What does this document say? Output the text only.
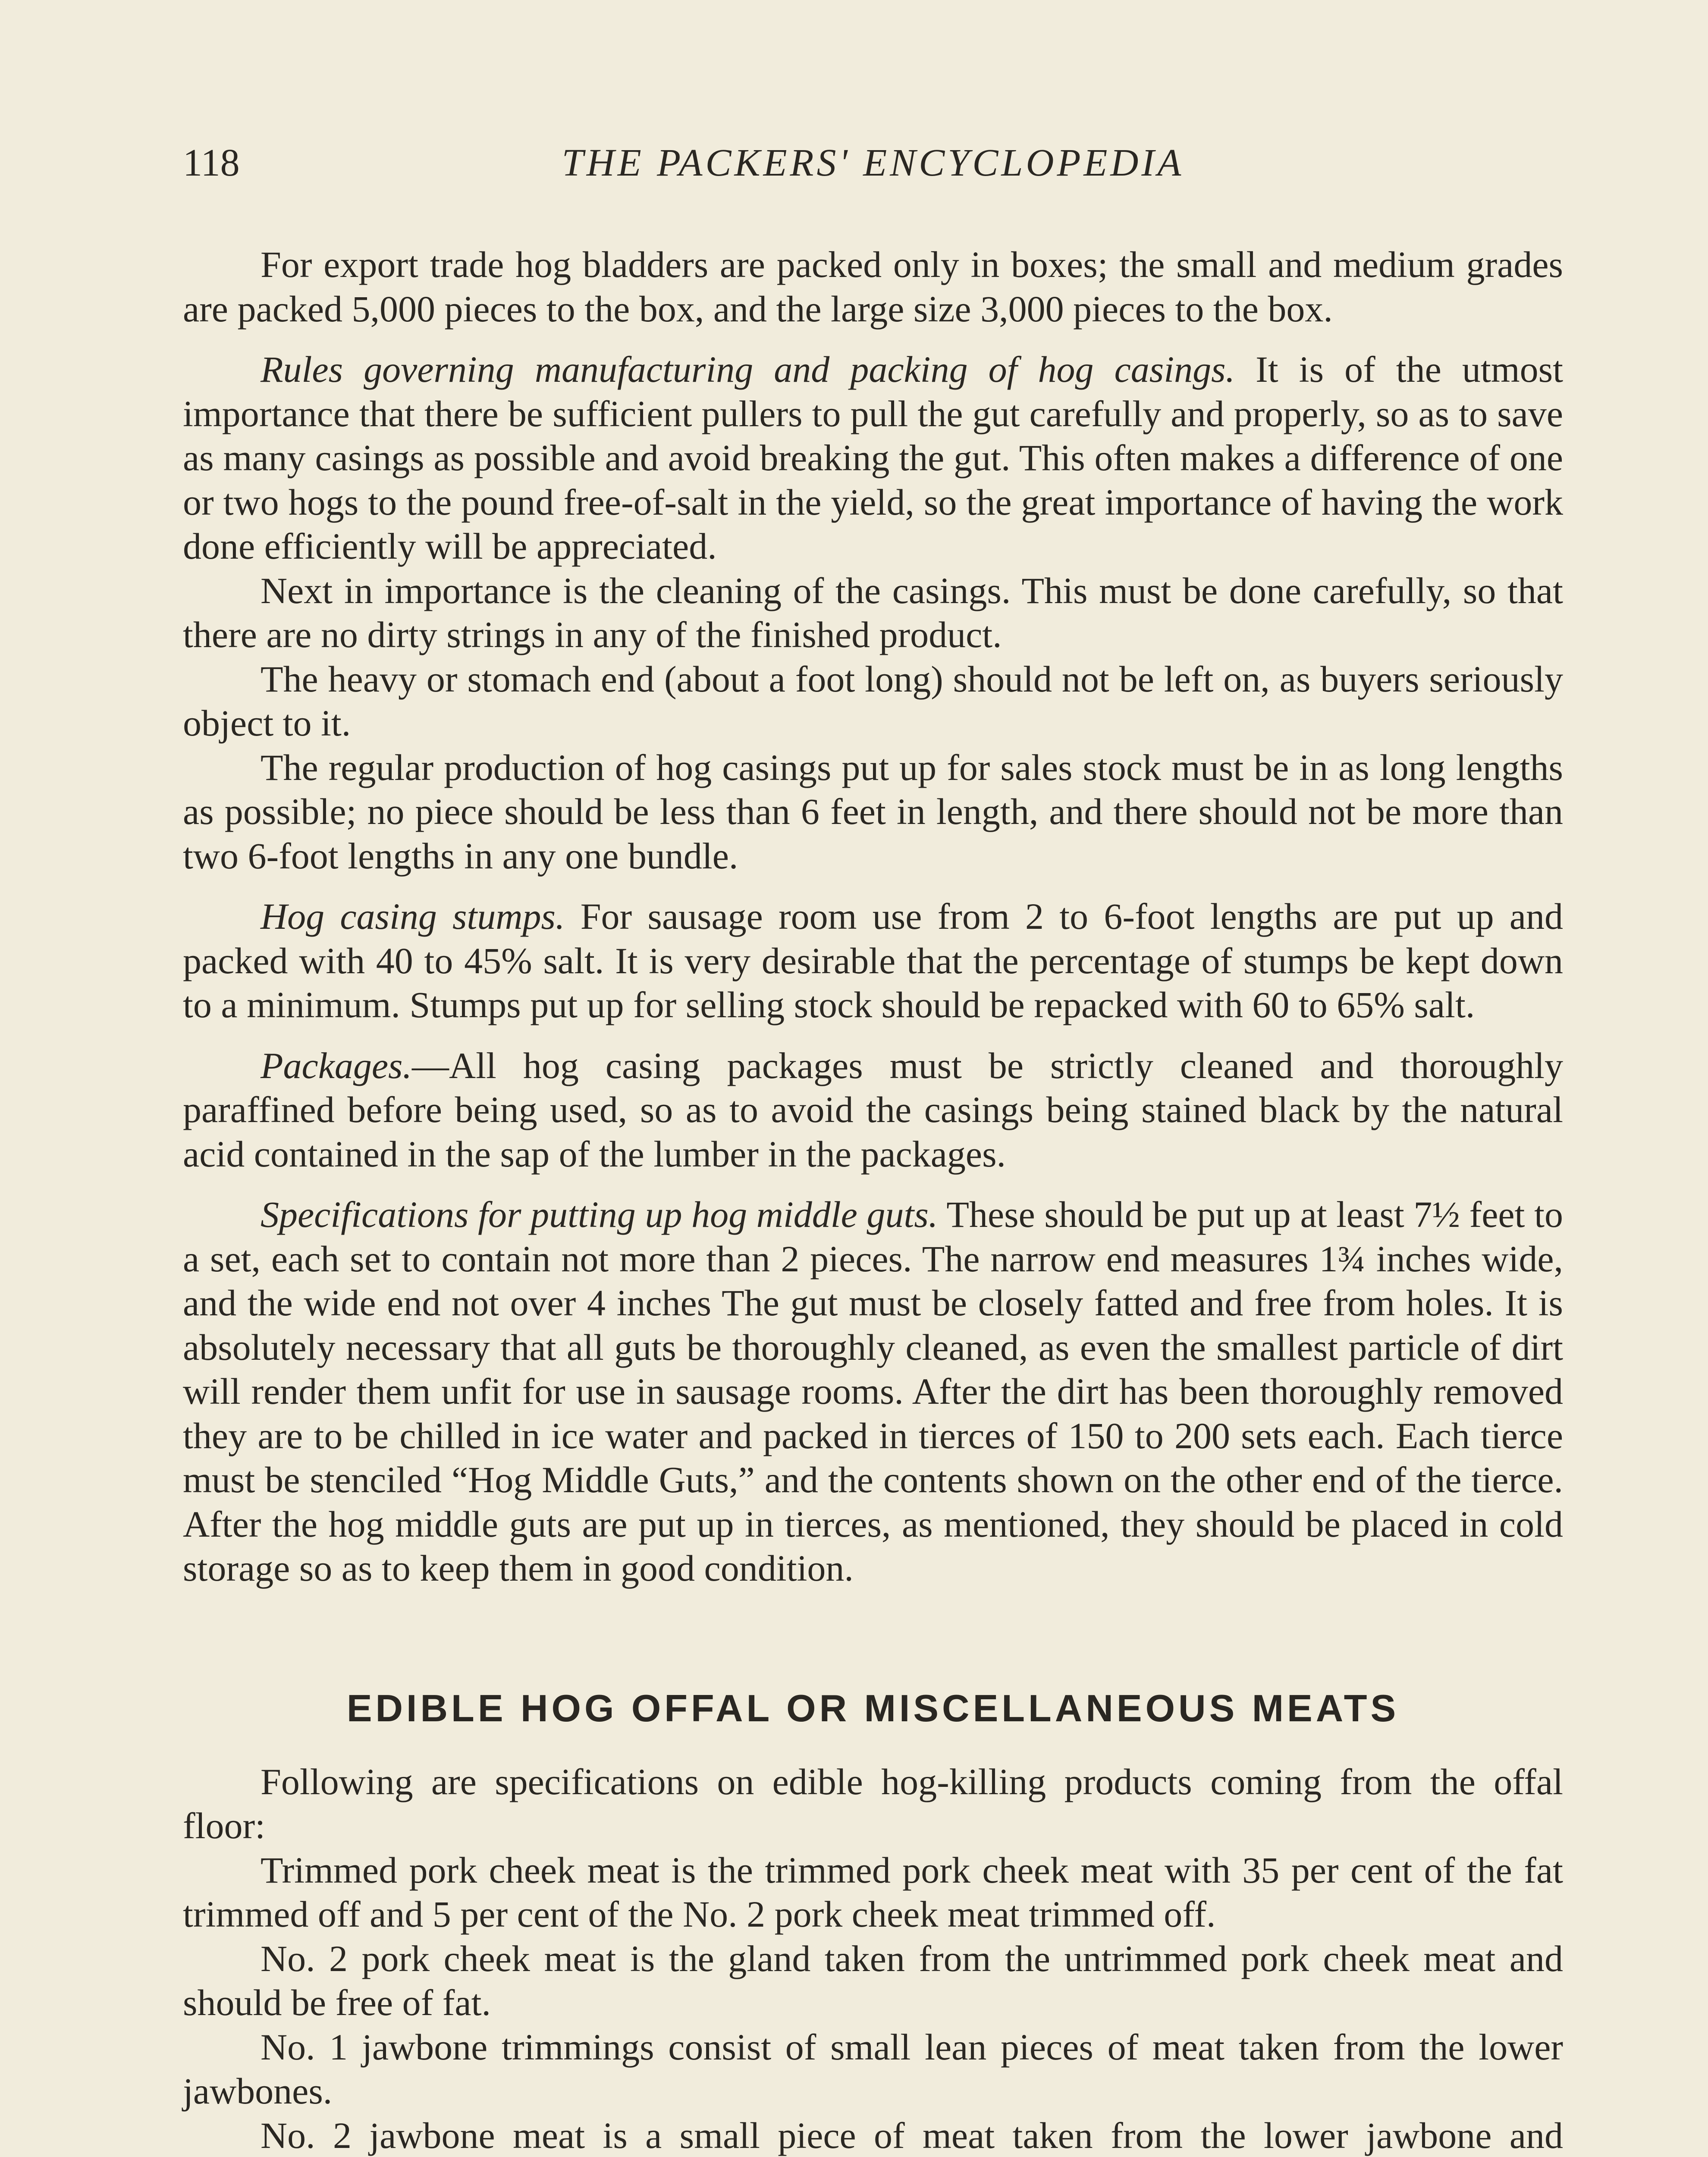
118	THE PACKERS' ENCYCLOPEDIA

For export trade hog bladders are packed only in boxes; the small and medium grades are packed 5,000 pieces to the box, and the large size 3,000 pieces to the box.

Rules governing manufacturing and packing of hog casings. It is of the utmost importance that there be sufficient pullers to pull the gut carefully and properly, so as to save as many casings as possible and avoid breaking the gut. This often makes a difference of one or two hogs to the pound free-of-salt in the yield, so the great importance of having the work done efficiently will be appreciated.

Next in importance is the cleaning of the casings. This must be done carefully, so that there are no dirty strings in any of the finished product.

The heavy or stomach end (about a foot long) should not be left on, as buyers seriously object to it.

The regular production of hog casings put up for sales stock must be in as long lengths as possible; no piece should be less than 6 feet in length, and there should not be more than two 6-foot lengths in any one bundle.

Hog casing stumps. For sausage room use from 2 to 6-foot lengths are put up and packed with 40 to 45% salt. It is very desirable that the percentage of stumps be kept down to a minimum. Stumps put up for selling stock should be repacked with 60 to 65% salt.

Packages.—All hog casing packages must be strictly cleaned and thoroughly paraffined before being used, so as to avoid the casings being stained black by the natural acid contained in the sap of the lumber in the packages.

Specifications for putting up hog middle guts. These should be put up at least 7½ feet to a set, each set to contain not more than 2 pieces. The narrow end measures 1¾ inches wide, and the wide end not over 4 inches The gut must be closely fatted and free from holes. It is absolutely necessary that all guts be thoroughly cleaned, as even the smallest particle of dirt will render them unfit for use in sausage rooms. After the dirt has been thoroughly removed they are to be chilled in ice water and packed in tierces of 150 to 200 sets each. Each tierce must be stenciled “Hog Middle Guts,” and the contents shown on the other end of the tierce. After the hog middle guts are put up in tierces, as mentioned, they should be placed in cold storage so as to keep them in good condition.

EDIBLE HOG OFFAL OR MISCELLANEOUS MEATS

Following are specifications on edible hog-killing products coming from the offal floor:

Trimmed pork cheek meat is the trimmed pork cheek meat with 35 per cent of the fat trimmed off and 5 per cent of the No. 2 pork cheek meat trimmed off.

No. 2 pork cheek meat is the gland taken from the untrimmed pork cheek meat and should be free of fat.

No. 1 jawbone trimmings consist of small lean pieces of meat taken from the lower jawbones.

No. 2 jawbone meat is a small piece of meat taken from the lower jawbone and
